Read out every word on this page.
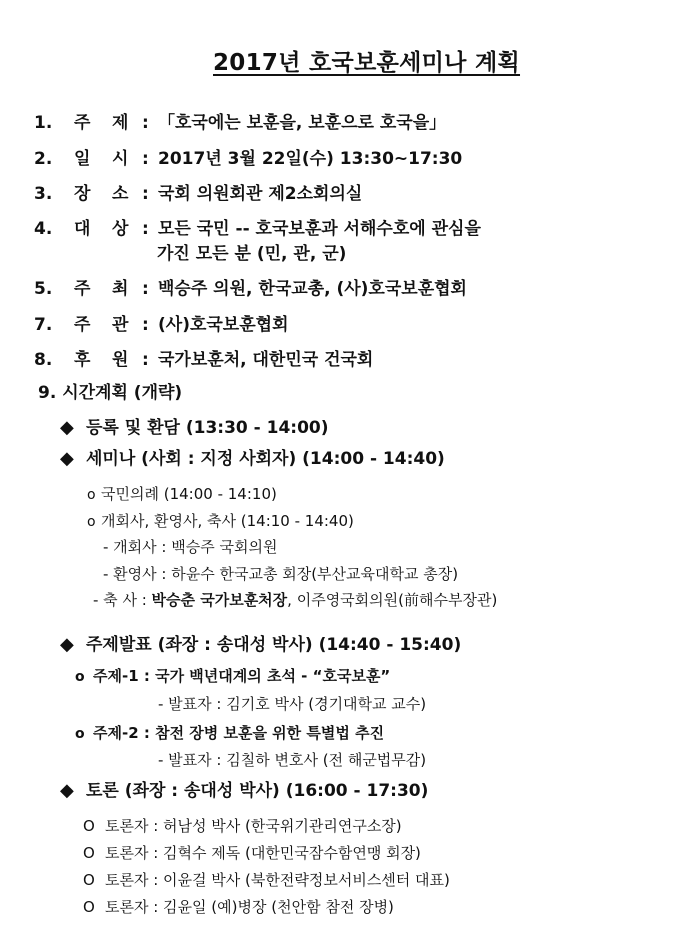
2017년 호국보훈세미나 계획
1. 주 제 : 「호국에는 보훈을, 보훈으로 호국을」
2. 일 시 : 2017년 3월 22일(수) 13:30~17:30
3. 장 소 : 국회 의원회관 제2소회의실
4. 대 상 : 모든 국민 -- 호국보훈과 서해수호에 관심을
가진 모든 분 (민, 관, 군)
5. 주 최 : 백승주 의원, 한국교총, (사)호국보훈협회
7. 주 관 : (사)호국보훈협회
8. 후 원 : 국가보훈처, 대한민국 건국회
9. 시간계획 (개략)
◆ 등록 및 환담 (13:30 - 14:00)
◆ 세미나 (사회 : 지정 사회자) (14:00 - 14:40)
o 국민의례 (14:00 - 14:10)
o 개회사, 환영사, 축사 (14:10 - 14:40)
- 개회사 : 백승주 국회의원
- 환영사 : 하윤수 한국교총 회장(부산교육대학교 총장)
- 축 사 : 박승춘 국가보훈처장, 이주영국회의원(前해수부장관)
◆ 주제발표 (좌장 : 송대성 박사) (14:40 - 15:40)
o 주제-1 : 국가 백년대계의 초석 - “호국보훈”
- 발표자 : 김기호 박사 (경기대학교 교수)
o 주제-2 : 참전 장병 보훈을 위한 특별법 추진
- 발표자 : 김칠하 변호사 (전 해군법무감)
◆ 토론 (좌장 : 송대성 박사) (16:00 - 17:30)
O 토론자 : 허남성 박사 (한국위기관리연구소장)
O 토론자 : 김혁수 제독 (대한민국잠수함연맹 회장)
O 토론자 : 이윤걸 박사 (북한전략정보서비스센터 대표)
O 토론자 : 김윤일 (예)병장 (천안함 참전 장병)
